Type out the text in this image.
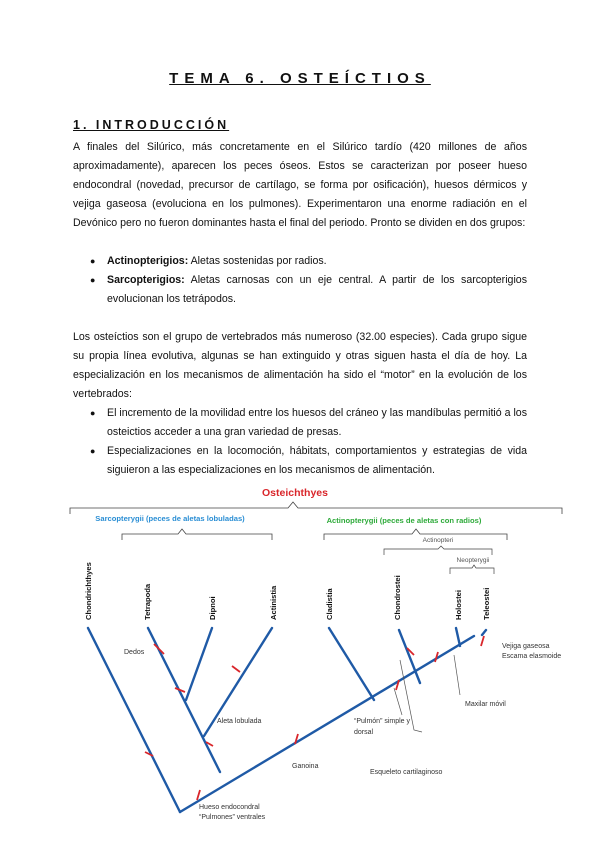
TEMA 6. OSTEÍCTIOS
1. INTRODUCCIÓN

A finales del Silúrico, más concretamente en el Silúrico tardío (420 millones de años aproximadamente), aparecen los peces óseos. Estos se caracterizan por poseer hueso endocondral (novedad, precursor de cartílago, se forma por osificación), huesos dérmicos y vejiga gaseosa (evoluciona en los pulmones). Experimentaron una enorme radiación en el Devónico pero no fueron dominantes hasta el final del periodo. Pronto se dividen en dos grupos:

● Actinopterigios: Aletas sostenidas por radios.
● Sarcopterigios: Aletas carnosas con un eje central. A partir de los sarcopterigios evolucionan los tetrápodos.

Los osteíctios son el grupo de vertebrados más numeroso (32.00 especies). Cada grupo sigue su propia línea evolutiva, algunas se han extinguido y otras siguen hasta el día de hoy. La especialización en los mecanismos de alimentación ha sido el “motor” en la evolución de los vertebrados:

● El incremento de la movilidad entre los huesos del cráneo y las mandíbulas permitió a los osteictios acceder a una gran variedad de presas.
● Especializaciones en la locomoción, hábitats, comportamientos y estrategias de vida siguieron a las especializaciones en los mecanismos de alimentación.
Osteichthyes
Sarcopterygii (peces de aletas lobuladas)	Actinopterygii (peces de aletas con radios)
Actinopteri
Neopterygii
Chondrichthyes	Tetrapoda	Dipnoi	Actinistia	Cladistia	Chondrostei	Holostei	Teleostei
Dedos
Aleta lobulada
Ganoina
“Pulmón” simple y
dorsal
Esqueleto cartilaginoso
Maxilar móvil
Vejiga gaseosa
Escama elasmoide
Hueso endocondral
“Pulmones” ventrales
